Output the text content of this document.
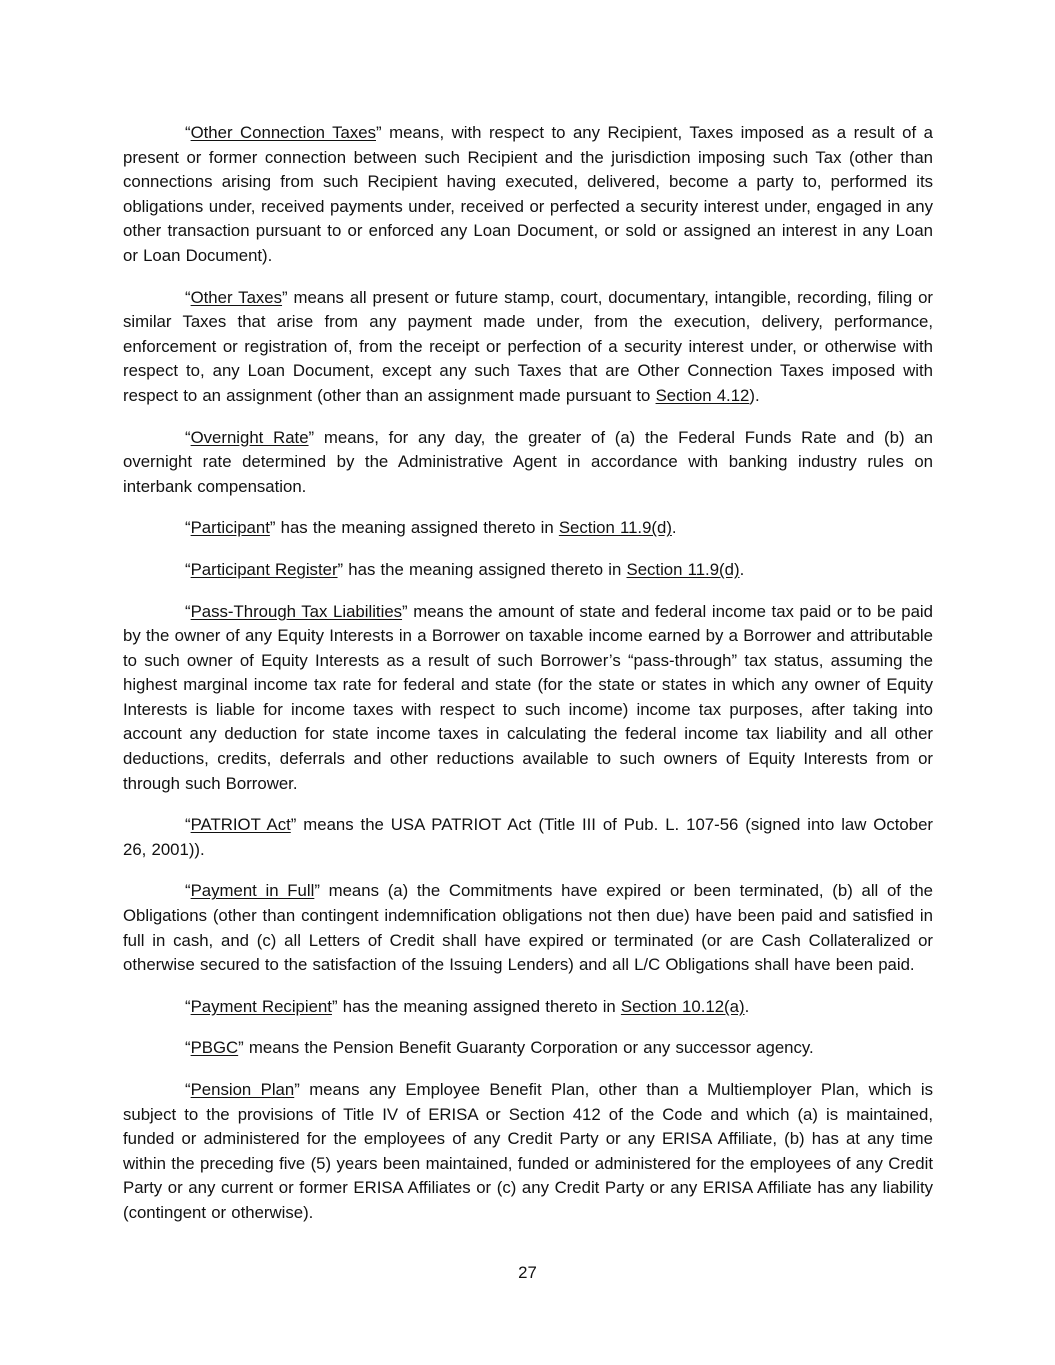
“Other Connection Taxes” means, with respect to any Recipient, Taxes imposed as a result of a present or former connection between such Recipient and the jurisdiction imposing such Tax (other than connections arising from such Recipient having executed, delivered, become a party to, performed its obligations under, received payments under, received or perfected a security interest under, engaged in any other transaction pursuant to or enforced any Loan Document, or sold or assigned an interest in any Loan or Loan Document).

“Other Taxes” means all present or future stamp, court, documentary, intangible, recording, filing or similar Taxes that arise from any payment made under, from the execution, delivery, performance, enforcement or registration of, from the receipt or perfection of a security interest under, or otherwise with respect to, any Loan Document, except any such Taxes that are Other Connection Taxes imposed with respect to an assignment (other than an assignment made pursuant to Section 4.12).

“Overnight Rate” means, for any day, the greater of (a) the Federal Funds Rate and (b) an overnight rate determined by the Administrative Agent in accordance with banking industry rules on interbank compensation.

“Participant” has the meaning assigned thereto in Section 11.9(d).

“Participant Register” has the meaning assigned thereto in Section 11.9(d).

“Pass-Through Tax Liabilities” means the amount of state and federal income tax paid or to be paid by the owner of any Equity Interests in a Borrower on taxable income earned by a Borrower and attributable to such owner of Equity Interests as a result of such Borrower’s “pass-through” tax status, assuming the highest marginal income tax rate for federal and state (for the state or states in which any owner of Equity Interests is liable for income taxes with respect to such income) income tax purposes, after taking into account any deduction for state income taxes in calculating the federal income tax liability and all other deductions, credits, deferrals and other reductions available to such owners of Equity Interests from or through such Borrower.

“PATRIOT Act” means the USA PATRIOT Act (Title III of Pub. L. 107-56 (signed into law October 26, 2001)).

“Payment in Full” means (a) the Commitments have expired or been terminated, (b) all of the Obligations (other than contingent indemnification obligations not then due) have been paid and satisfied in full in cash, and (c) all Letters of Credit shall have expired or terminated (or are Cash Collateralized or otherwise secured to the satisfaction of the Issuing Lenders) and all L/C Obligations shall have been paid.

“Payment Recipient” has the meaning assigned thereto in Section 10.12(a).

“PBGC” means the Pension Benefit Guaranty Corporation or any successor agency.

“Pension Plan” means any Employee Benefit Plan, other than a Multiemployer Plan, which is subject to the provisions of Title IV of ERISA or Section 412 of the Code and which (a) is maintained, funded or administered for the employees of any Credit Party or any ERISA Affiliate, (b) has at any time within the preceding five (5) years been maintained, funded or administered for the employees of any Credit Party or any current or former ERISA Affiliates or (c) any Credit Party or any ERISA Affiliate has any liability (contingent or otherwise).

27
